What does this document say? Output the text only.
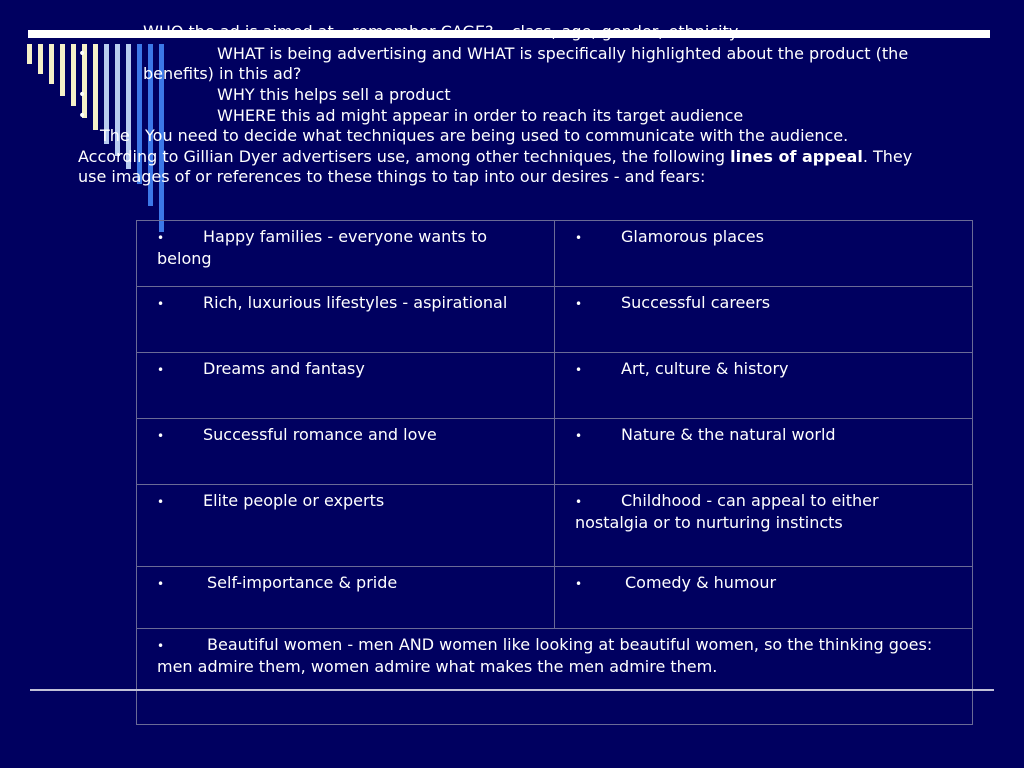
•	WHAT is being advertising and WHAT is specifically highlighted about the product (the
benefits) in this ad?
•	WHY this helps sell a product
•	WHERE this ad might appear in order to reach its target audience
The You need to decide what techniques are being used to communicate with the audience.
According to Gillian Dyer advertisers use, among other techniques, the following lines of appeal. They
use images of or references to these things to tap into our desires - and fears:
• Happy families - everyone wants to belong	• Glamorous places
• Rich, luxurious lifestyles - aspirational	• Successful careers
• Dreams and fantasy	• Art, culture & history
• Successful romance and love	• Nature & the natural world
• Elite people or experts	• Childhood - can appeal to either nostalgia or to nurturing instincts
• Self-importance & pride	• Comedy & humour
• Beautiful women - men AND women like looking at beautiful women, so the thinking goes: men admire them, women admire what makes the men admire them.	
